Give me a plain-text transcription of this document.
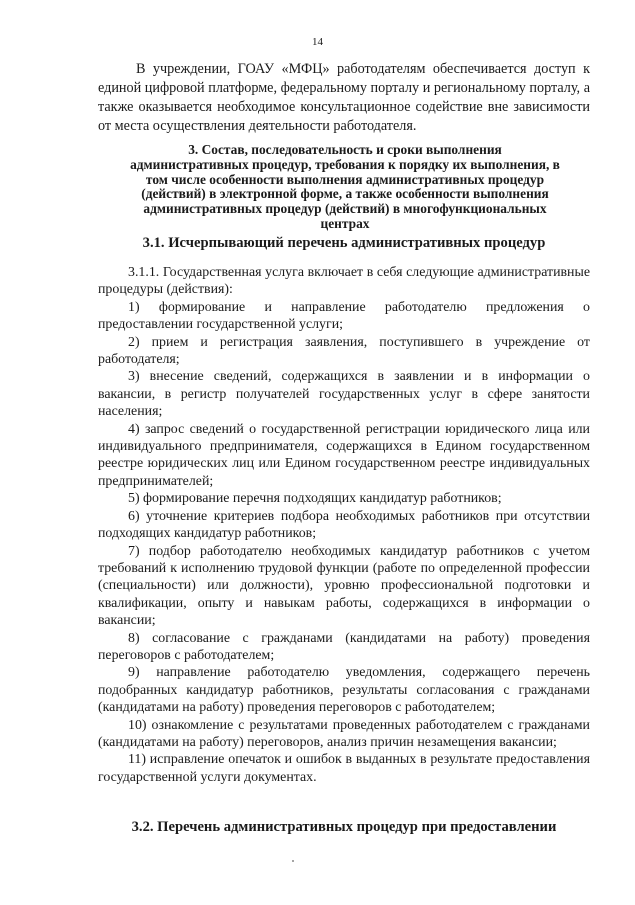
14

В учреждении, ГОАУ «МФЦ» работодателям обеспечивается доступ к единой цифровой платформе, федеральному порталу и региональному порталу, а также оказывается необходимое консультационное содействие вне зависимости от места осуществления деятельности работодателя.

3. Состав, последовательность и сроки выполнения административных процедур, требования к порядку их выполнения, в том числе особенности выполнения административных процедур (действий) в электронной форме, а также особенности выполнения административных процедур (действий) в многофункциональных центрах

3.1. Исчерпывающий перечень административных процедур

3.1.1. Государственная услуга включает в себя следующие административные процедуры (действия):

1) формирование и направление работодателю предложения о предоставлении государственной услуги;

2) прием и регистрация заявления, поступившего в учреждение от работодателя;

3) внесение сведений, содержащихся в заявлении и в информации о вакансии, в регистр получателей государственных услуг в сфере занятости населения;

4) запрос сведений о государственной регистрации юридического лица или индивидуального предпринимателя, содержащихся в Едином государственном реестре юридических лиц или Едином государственном реестре индивидуальных предпринимателей;

5) формирование перечня подходящих кандидатур работников;

6) уточнение критериев подбора необходимых работников при отсутствии подходящих кандидатур работников;

7) подбор работодателю необходимых кандидатур работников с учетом требований к исполнению трудовой функции (работе по определенной профессии (специальности) или должности), уровню профессиональной подготовки и квалификации, опыту и навыкам работы, содержащихся в информации о вакансии;

8) согласование с гражданами (кандидатами на работу) проведения переговоров с работодателем;

9) направление работодателю уведомления, содержащего перечень подобранных кандидатур работников, результаты согласования с гражданами (кандидатами на работу) проведения переговоров с работодателем;

10) ознакомление с результатами проведенных работодателем с гражданами (кандидатами на работу) переговоров, анализ причин незамещения вакансии;

11) исправление опечаток и ошибок в выданных в результате предоставления государственной услуги документах.

3.2. Перечень административных процедур при предоставлении
